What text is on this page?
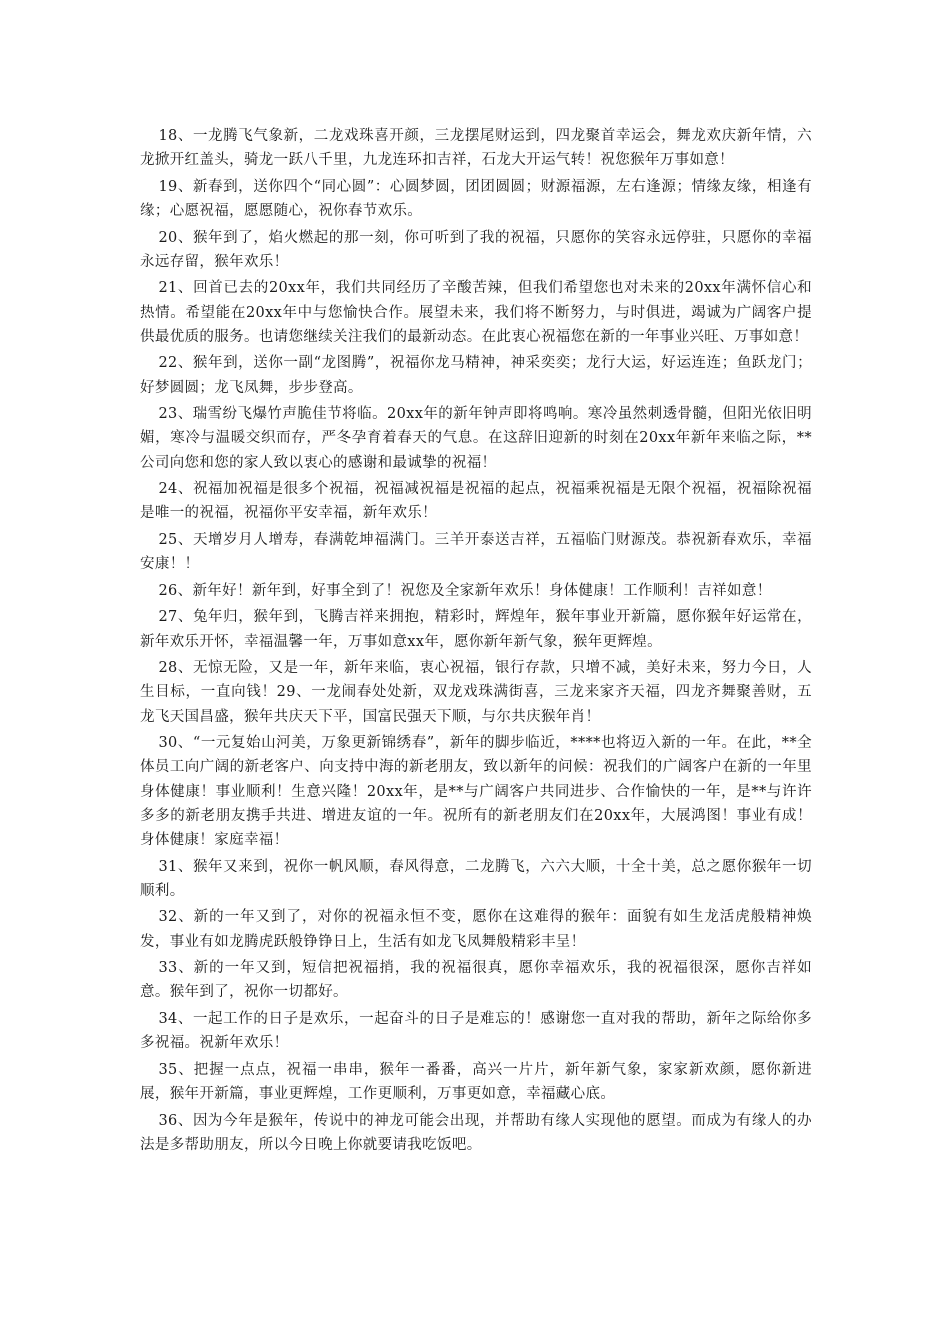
18、一龙腾飞气象新，二龙戏珠喜开颜，三龙摆尾财运到，四龙聚首幸运会，舞龙欢庆新年情，六龙掀开红盖头，骑龙一跃八千里，九龙连环扣吉祥，石龙大开运气转！祝您猴年万事如意！

19、新春到，送你四个“同心圆”：心圆梦圆，团团圆圆；财源福源，左右逢源；情缘友缘，相逢有缘；心愿祝福，愿愿随心，祝你春节欢乐。

20、猴年到了，焰火燃起的那一刻，你可听到了我的祝福，只愿你的笑容永远停驻，只愿你的幸福永远存留，猴年欢乐！

21、回首已去的20xx年，我们共同经历了辛酸苦辣，但我们希望您也对未来的20xx年满怀信心和热情。希望能在20xx年中与您愉快合作。展望未来，我们将不断努力，与时俱进，竭诚为广阔客户提供最优质的服务。也请您继续关注我们的最新动态。在此衷心祝福您在新的一年事业兴旺、万事如意！

22、猴年到，送你一副“龙图腾”，祝福你龙马精神，神采奕奕；龙行大运，好运连连；鱼跃龙门；好梦圆圆；龙飞凤舞，步步登高。

23、瑞雪纷飞爆竹声脆佳节将临。20xx年的新年钟声即将鸣响。寒冷虽然刺透骨髓，但阳光依旧明媚，寒冷与温暖交织而存，严冬孕育着春天的气息。在这辞旧迎新的时刻在20xx年新年来临之际，**公司向您和您的家人致以衷心的感谢和最诚挚的祝福！

24、祝福加祝福是很多个祝福，祝福减祝福是祝福的起点，祝福乘祝福是无限个祝福，祝福除祝福是唯一的祝福，祝福你平安幸福，新年欢乐！

25、天增岁月人增寿，春满乾坤福满门。三羊开泰送吉祥，五福临门财源茂。恭祝新春欢乐，幸福安康！！

26、新年好！新年到，好事全到了！祝您及全家新年欢乐！身体健康！工作顺利！吉祥如意！

27、兔年归，猴年到，飞腾吉祥来拥抱，精彩时，辉煌年，猴年事业开新篇，愿你猴年好运常在，新年欢乐开怀，幸福温馨一年，万事如意xx年，愿你新年新气象，猴年更辉煌。

28、无惊无险，又是一年，新年来临，衷心祝福，银行存款，只增不减，美好未来，努力今日，人生目标，一直向钱！29、一龙闹春处处新，双龙戏珠满街喜，三龙来家齐天福，四龙齐舞聚善财，五龙飞天国昌盛，猴年共庆天下平，国富民强天下顺，与尔共庆猴年肖！

30、“一元复始山河美，万象更新锦绣春”，新年的脚步临近，****也将迈入新的一年。在此，**全体员工向广阔的新老客户、向支持中海的新老朋友，致以新年的问候：祝我们的广阔客户在新的一年里身体健康！事业顺利！生意兴隆！20xx年，是**与广阔客户共同进步、合作愉快的一年，是**与许许多多的新老朋友携手共进、增进友谊的一年。祝所有的新老朋友们在20xx年，大展鸿图！事业有成！身体健康！家庭幸福！

31、猴年又来到，祝你一帆风顺，春风得意，二龙腾飞，六六大顺，十全十美，总之愿你猴年一切顺利。

32、新的一年又到了，对你的祝福永恒不变，愿你在这难得的猴年：面貌有如生龙活虎般精神焕发，事业有如龙腾虎跃般铮铮日上，生活有如龙飞凤舞般精彩丰呈！

33、新的一年又到，短信把祝福捎，我的祝福很真，愿你幸福欢乐，我的祝福很深，愿你吉祥如意。猴年到了，祝你一切都好。

34、一起工作的日子是欢乐，一起奋斗的日子是难忘的！感谢您一直对我的帮助，新年之际给你多多祝福。祝新年欢乐！

35、把握一点点，祝福一串串，猴年一番番，高兴一片片，新年新气象，家家新欢颜，愿你新进展，猴年开新篇，事业更辉煌，工作更顺利，万事更如意，幸福藏心底。

36、因为今年是猴年，传说中的神龙可能会出现，并帮助有缘人实现他的愿望。而成为有缘人的办法是多帮助朋友，所以今日晚上你就要请我吃饭吧。
